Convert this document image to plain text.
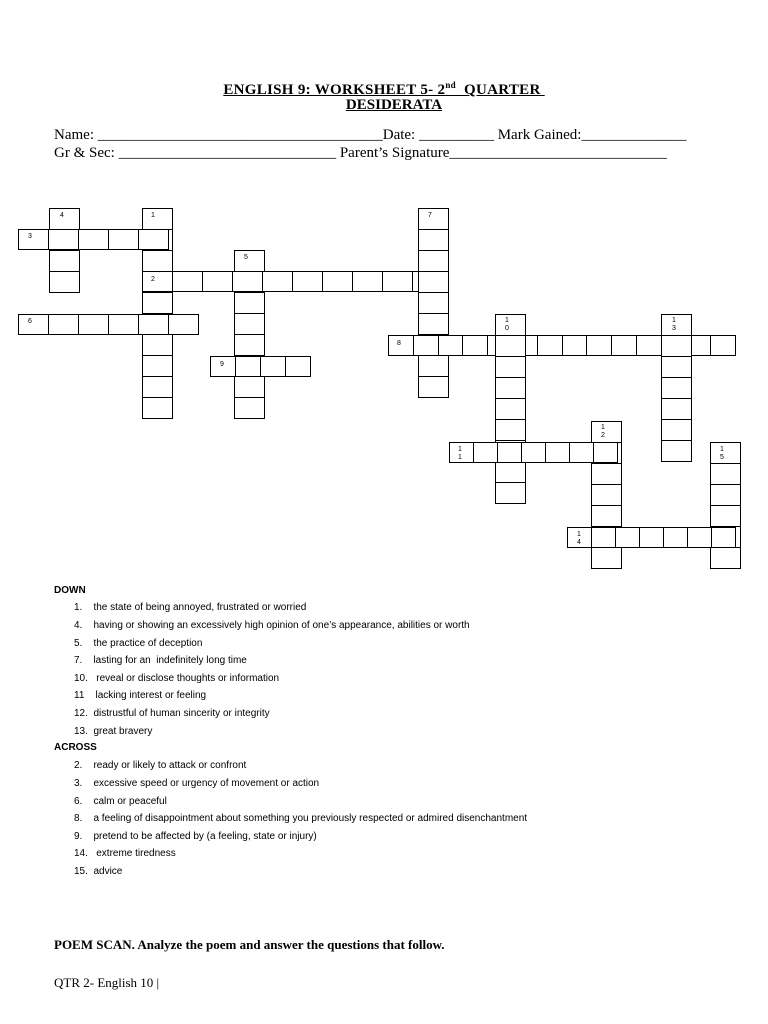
ENGLISH 9: WORKSHEET 5- 2nd  QUARTER
DESIDERATA
Name: ______________________________________Date: __________ Mark Gained:______________
Gr & Sec: _____________________________ Parent’s Signature_____________________________
4	1	7
3
5
2
6	1
0
1
3
8
9
1
2
1
1
1
5
1
4
DOWN
1.    the state of being annoyed, frustrated or worried
4.    having or showing an excessively high opinion of one’s appearance, abilities or worth
5.    the practice of deception
7.    lasting for an  indefinitely long time
10.   reveal or disclose thoughts or information
11    lacking interest or feeling
12.  distrustful of human sincerity or integrity
13.  great bravery
ACROSS
2.    ready or likely to attack or confront
3.    excessive speed or urgency of movement or action
6.    calm or peaceful
8.    a feeling of disappointment about something you previously respected or admired disenchantment
9.    pretend to be affected by (a feeling, state or injury)
14.   extreme tiredness
15.  advice
POEM SCAN. Analyze the poem and answer the questions that follow.
QTR 2- English 10 |
